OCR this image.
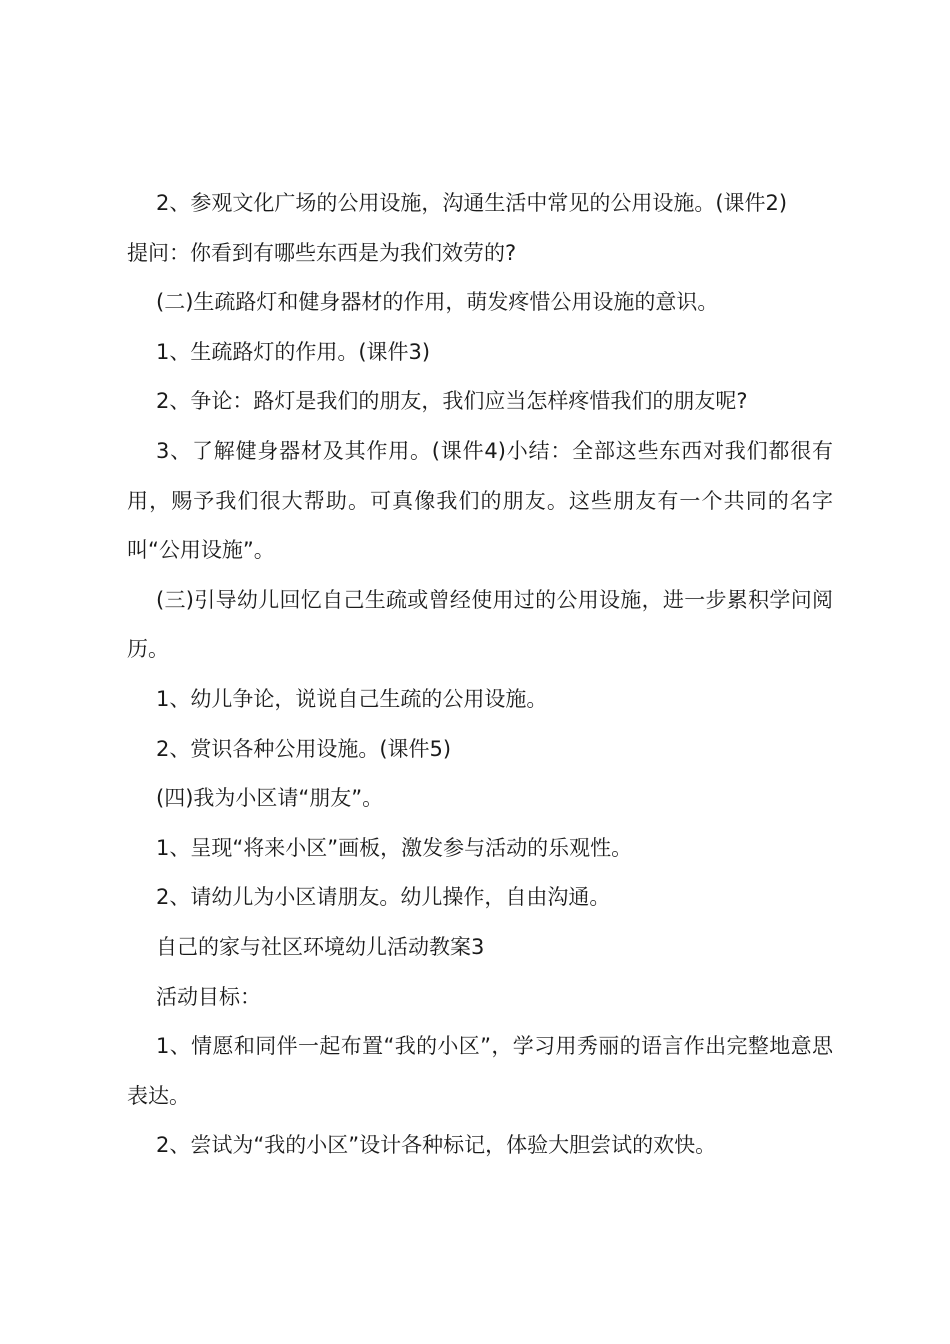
2、参观文化广场的公用设施，沟通生活中常见的公用设施。(课件2)

提问：你看到有哪些东西是为我们效劳的?

(二)生疏路灯和健身器材的作用，萌发疼惜公用设施的意识。

1、生疏路灯的作用。(课件3)

2、争论：路灯是我们的朋友，我们应当怎样疼惜我们的朋友呢?

3、了解健身器材及其作用。(课件4)小结：全部这些东西对我们都很有用，赐予我们很大帮助。可真像我们的朋友。这些朋友有一个共同的名字叫“公用设施”。

(三)引导幼儿回忆自己生疏或曾经使用过的公用设施，进一步累积学问阅历。

1、幼儿争论，说说自己生疏的公用设施。

2、赏识各种公用设施。(课件5)

(四)我为小区请“朋友”。

1、呈现“将来小区”画板，激发参与活动的乐观性。

2、请幼儿为小区请朋友。幼儿操作，自由沟通。

自己的家与社区环境幼儿活动教案3

活动目标：

1、情愿和同伴一起布置“我的小区”，学习用秀丽的语言作出完整地意思表达。

2、尝试为“我的小区”设计各种标记，体验大胆尝试的欢快。
